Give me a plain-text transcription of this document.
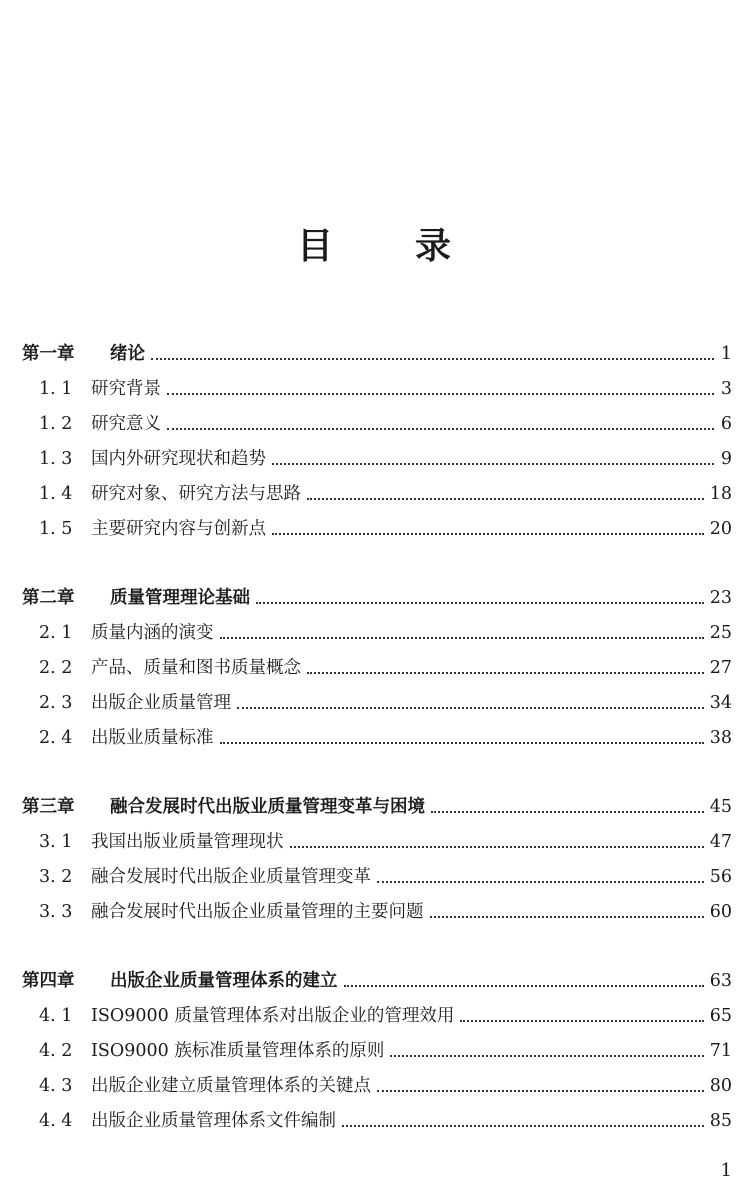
目 录
第一章	绪论	1
1. 1	研究背景	3
1. 2	研究意义	6
1. 3	国内外研究现状和趋势	9
1. 4	研究对象、研究方法与思路	18
1. 5	主要研究内容与创新点	20
第二章	质量管理理论基础	23
2. 1	质量内涵的演变	25
2. 2	产品、质量和图书质量概念	27
2. 3	出版企业质量管理	34
2. 4	出版业质量标准	38
第三章	融合发展时代出版业质量管理变革与困境	45
3. 1	我国出版业质量管理现状	47
3. 2	融合发展时代出版企业质量管理变革	56
3. 3	融合发展时代出版企业质量管理的主要问题	60
第四章	出版企业质量管理体系的建立	63
4. 1	ISO9000 质量管理体系对出版企业的管理效用	65
4. 2	ISO9000 族标准质量管理体系的原则	71
4. 3	出版企业建立质量管理体系的关键点	80
4. 4	出版企业质量管理体系文件编制	85
1
